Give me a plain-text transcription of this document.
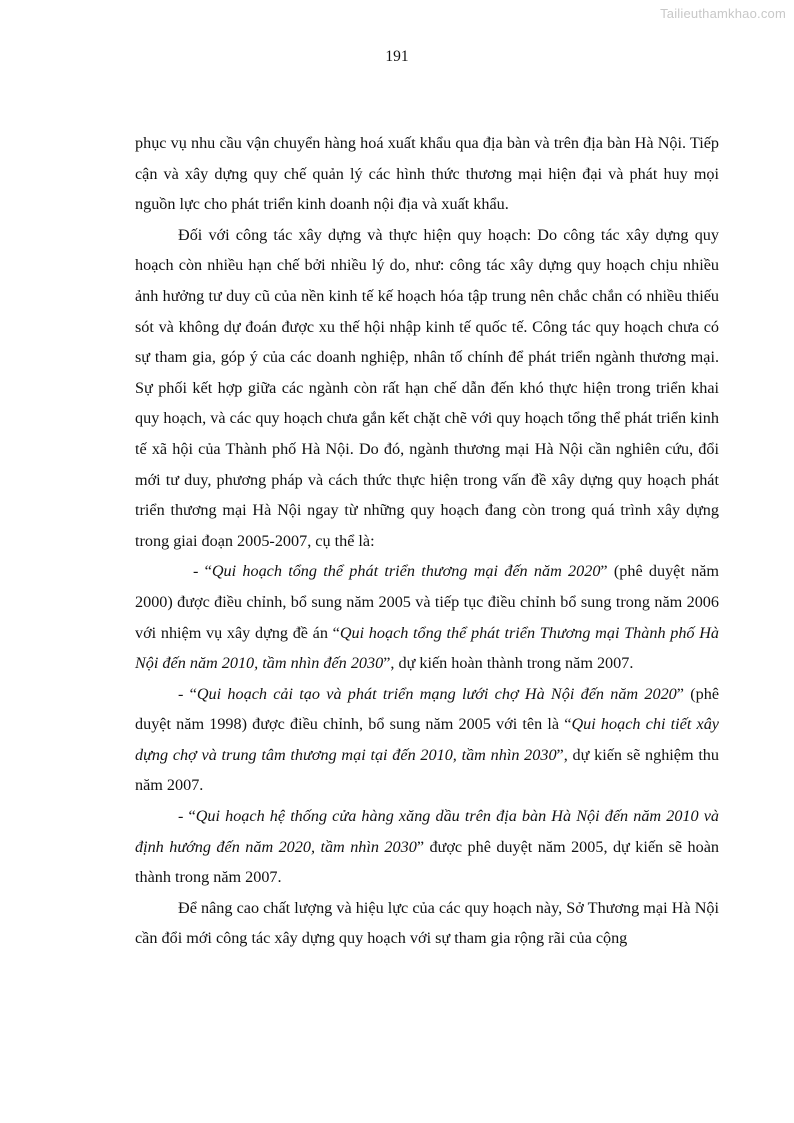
Tailieuthamkhao.com
191

phục vụ nhu cầu vận chuyển hàng hoá xuất khẩu qua địa bàn và trên địa bàn Hà Nội. Tiếp cận và xây dựng quy chế quản lý các hình thức thương mại hiện đại và phát huy mọi nguồn lực cho phát triển kinh doanh nội địa và xuất khẩu.

Đối với công tác xây dựng và thực hiện quy hoạch: Do công tác xây dựng quy hoạch còn nhiều hạn chế bởi nhiều lý do, như: công tác xây dựng quy hoạch chịu nhiều ảnh hưởng tư duy cũ của nền kinh tế kế hoạch hóa tập trung nên chắc chắn có nhiều thiếu sót và không dự đoán được xu thế hội nhập kinh tế quốc tế. Công tác quy hoạch chưa có sự tham gia, góp ý của các doanh nghiệp, nhân tố chính để phát triển ngành thương mại. Sự phối kết hợp giữa các ngành còn rất hạn chế dẫn đến khó thực hiện trong triển khai quy hoạch, và các quy hoạch chưa gắn kết chặt chẽ với quy hoạch tổng thể phát triển kinh tế xã hội của Thành phố Hà Nội. Do đó, ngành thương mại Hà Nội cần nghiên cứu, đổi mới tư duy, phương pháp và cách thức thực hiện trong vấn đề xây dựng quy hoạch phát triển thương mại Hà Nội ngay từ những quy hoạch đang còn trong quá trình xây dựng trong giai đoạn 2005-2007, cụ thể là:

- “Qui hoạch tổng thể phát triển thương mại đến năm 2020” (phê duyệt năm 2000) được điều chỉnh, bổ sung năm 2005 và tiếp tục điều chỉnh bổ sung trong năm 2006 với nhiệm vụ xây dựng đề án “Qui hoạch tổng thể phát triển Thương mại Thành phố Hà Nội đến năm 2010, tầm nhìn đến 2030”, dự kiến hoàn thành trong năm 2007.

- “Qui hoạch cải tạo và phát triển mạng lưới chợ Hà Nội đến năm 2020” (phê duyệt năm 1998) được điều chỉnh, bổ sung năm 2005 với tên là “Qui hoạch chi tiết xây dựng chợ và trung tâm thương mại tại đến 2010, tầm nhìn 2030”, dự kiến sẽ nghiệm thu năm 2007.

- “Qui hoạch hệ thống cửa hàng xăng dầu trên địa bàn Hà Nội đến năm 2010 và định hướng đến năm 2020, tầm nhìn 2030” được phê duyệt năm 2005, dự kiến sẽ hoàn thành trong năm 2007.

Để nâng cao chất lượng và hiệu lực của các quy hoạch này, Sở Thương mại Hà Nội cần đổi mới công tác xây dựng quy hoạch với sự tham gia rộng rãi của cộng
